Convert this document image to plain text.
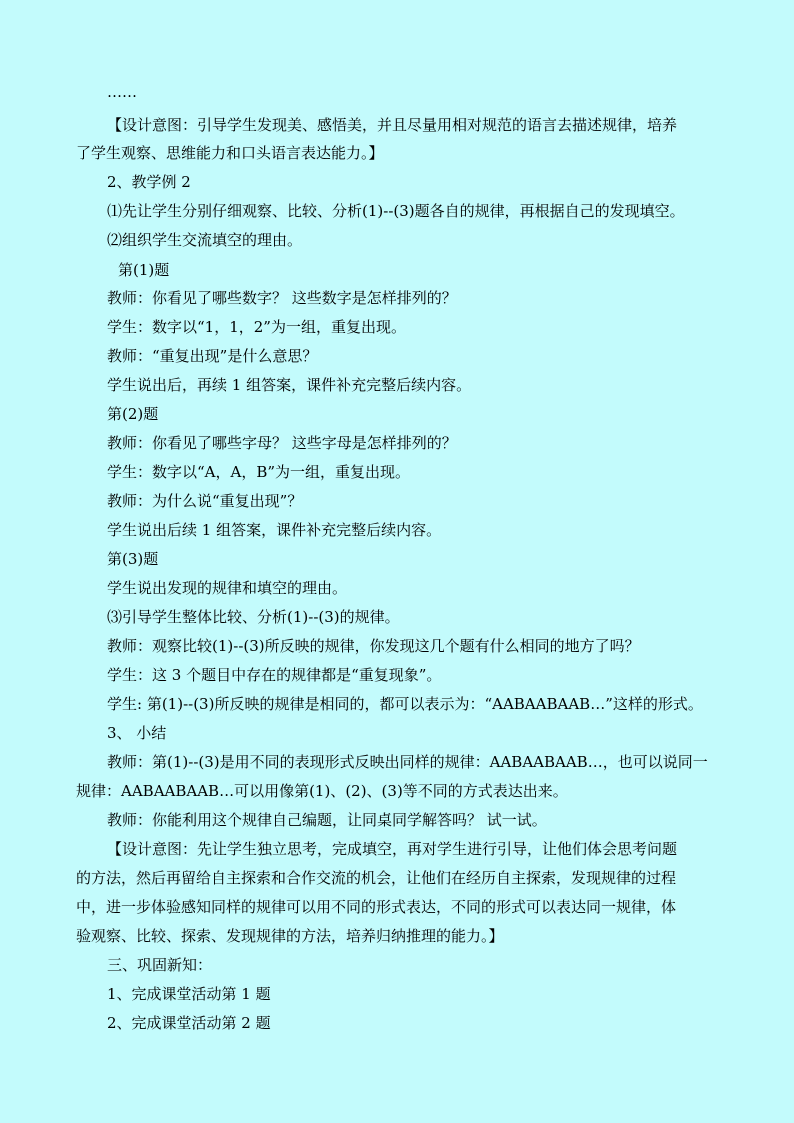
……
【设计意图：引导学生发现美、感悟美，并且尽量用相对规范的语言去描述规律，培养
了学生观察、思维能力和口头语言表达能力。】
2、教学例 2
⑴先让学生分别仔细观察、比较、分析(1)--(3)题各自的规律，再根据自己的发现填空。
⑵组织学生交流填空的理由。
第(1)题
教师：你看见了哪些数字？ 这些数字是怎样排列的？
学生：数字以“1，1，2”为一组，重复出现。
教师：“重复出现”是什么意思？
学生说出后，再续 1 组答案，课件补充完整后续内容。
第(2)题
教师：你看见了哪些字母？ 这些字母是怎样排列的？
学生：数字以“A，A，B”为一组，重复出现。
教师：为什么说“重复出现”？
学生说出后续 1 组答案，课件补充完整后续内容。
第(3)题
学生说出发现的规律和填空的理由。
⑶引导学生整体比较、分析(1)--(3)的规律。
教师：观察比较(1)--(3)所反映的规律，你发现这几个题有什么相同的地方了吗？
学生：这 3 个题目中存在的规律都是“重复现象”。
学生: 第(1)--(3)所反映的规律是相同的，都可以表示为：“AABAABAAB…”这样的形式。
3、 小结
教师：第(1)--(3)是用不同的表现形式反映出同样的规律：AABAABAAB…，也可以说同一
规律：AABAABAAB…可以用像第(1)、(2)、(3)等不同的方式表达出来。
教师：你能利用这个规律自己编题，让同桌同学解答吗？ 试一试。
【设计意图：先让学生独立思考，完成填空，再对学生进行引导，让他们体会思考问题
的方法，然后再留给自主探索和合作交流的机会，让他们在经历自主探索，发现规律的过程
中，进一步体验感知同样的规律可以用不同的形式表达，不同的形式可以表达同一规律，体
验观察、比较、探索、发现规律的方法，培养归纳推理的能力。】
三、巩固新知：
1、完成课堂活动第 1 题
2、完成课堂活动第 2 题
